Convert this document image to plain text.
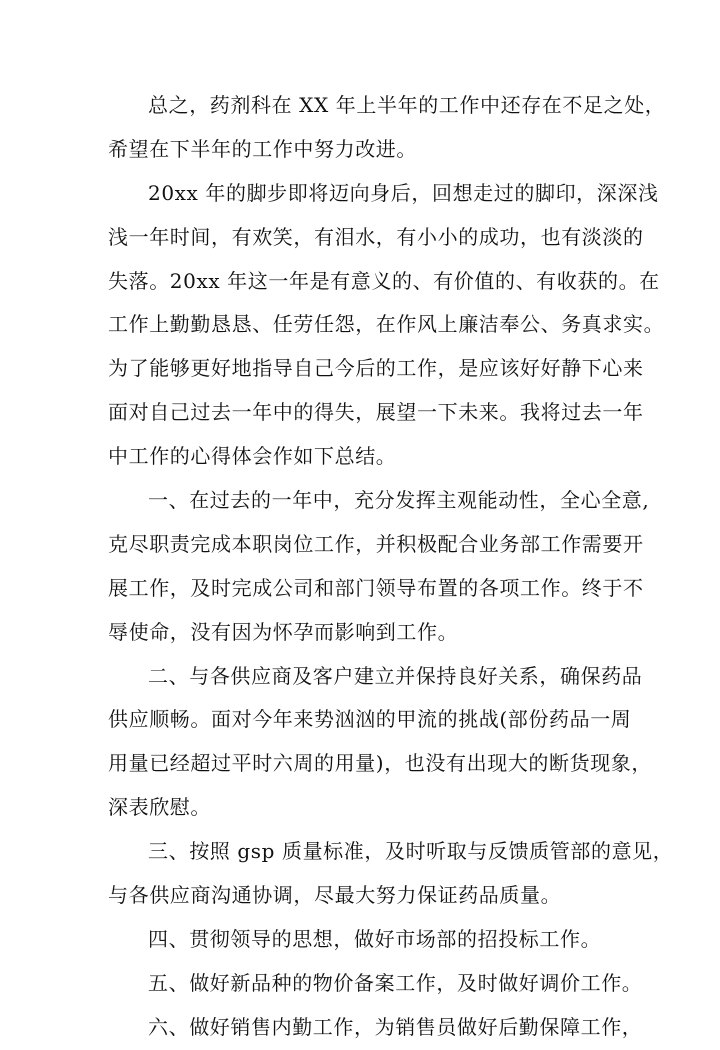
总之，药剂科在 XX 年上半年的工作中还存在不足之处，
希望在下半年的工作中努力改进。
20xx 年的脚步即将迈向身后，回想走过的脚印，深深浅
浅一年时间，有欢笑，有泪水，有小小的成功，也有淡淡的
失落。20xx 年这一年是有意义的、有价值的、有收获的。在
工作上勤勤恳恳、任劳任怨，在作风上廉洁奉公、务真求实。
为了能够更好地指导自己今后的工作，是应该好好静下心来
面对自己过去一年中的得失，展望一下未来。我将过去一年
中工作的心得体会作如下总结。
一、在过去的一年中，充分发挥主观能动性，全心全意,
克尽职责完成本职岗位工作，并积极配合业务部工作需要开
展工作，及时完成公司和部门领导布置的各项工作。终于不
辱使命，没有因为怀孕而影响到工作。
二、与各供应商及客户建立并保持良好关系，确保药品
供应顺畅。面对今年来势汹汹的甲流的挑战(部份药品一周
用量已经超过平时六周的用量)，也没有出现大的断货现象，
深表欣慰。
三、按照 gsp 质量标准，及时听取与反馈质管部的意见，
与各供应商沟通协调，尽最大努力保证药品质量。
四、贯彻领导的思想，做好市场部的招投标工作。
五、做好新品种的物价备案工作，及时做好调价工作。
六、做好销售内勤工作，为销售员做好后勤保障工作，
